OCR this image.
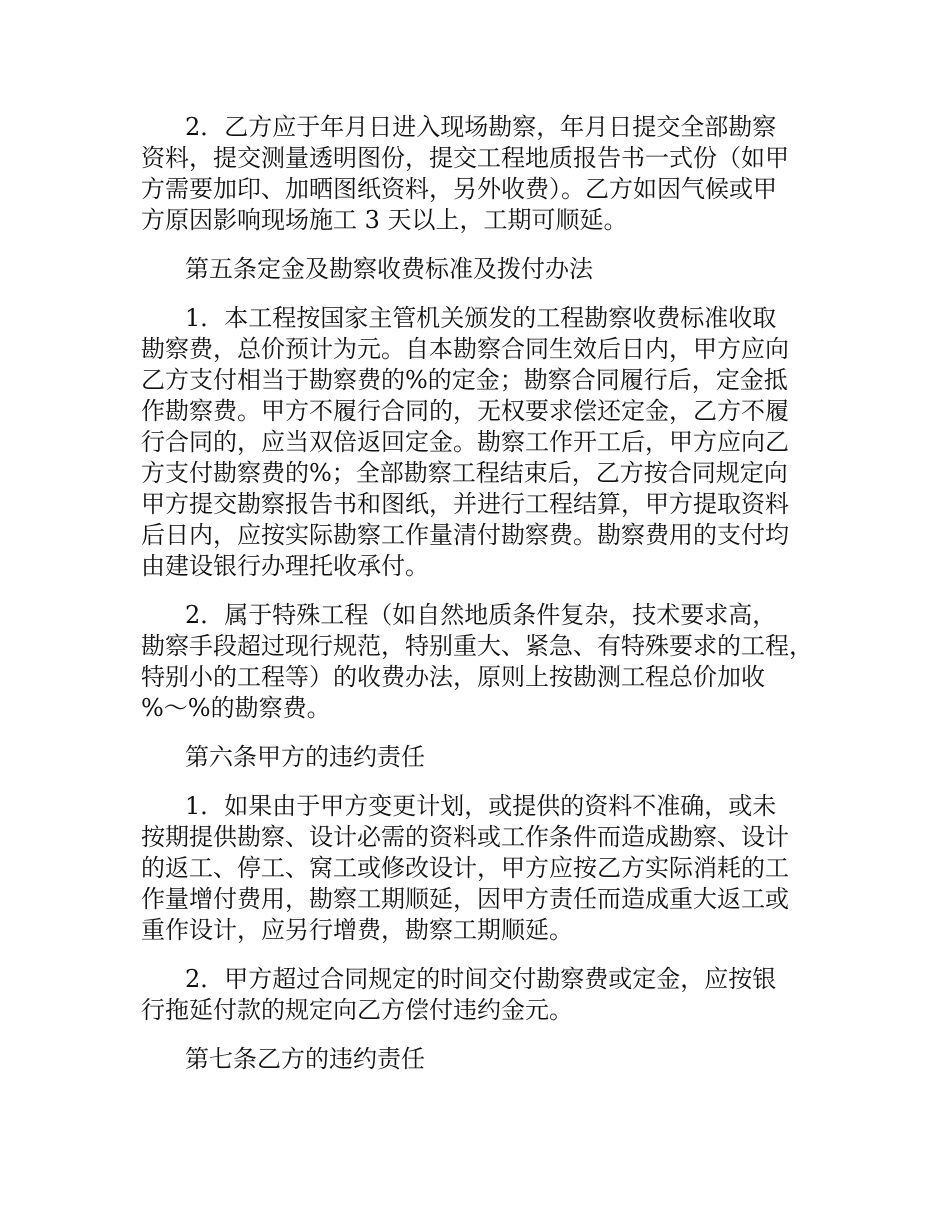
2．乙方应于年月日进入现场勘察，年月日提交全部勘察
资料，提交测量透明图份，提交工程地质报告书一式份（如甲
方需要加印、加晒图纸资料，另外收费）。乙方如因气候或甲
方原因影响现场施工 3 天以上，工期可顺延。
第五条定金及勘察收费标准及拨付办法
1．本工程按国家主管机关颁发的工程勘察收费标准收取
勘察费，总价预计为元。自本勘察合同生效后日内，甲方应向
乙方支付相当于勘察费的%的定金；勘察合同履行后，定金抵
作勘察费。甲方不履行合同的，无权要求偿还定金，乙方不履
行合同的，应当双倍返回定金。勘察工作开工后，甲方应向乙
方支付勘察费的%；全部勘察工程结束后，乙方按合同规定向
甲方提交勘察报告书和图纸，并进行工程结算，甲方提取资料
后日内，应按实际勘察工作量清付勘察费。勘察费用的支付均
由建设银行办理托收承付。
2．属于特殊工程（如自然地质条件复杂，技术要求高，
勘察手段超过现行规范，特别重大、紧急、有特殊要求的工程，
特别小的工程等）的收费办法，原则上按勘测工程总价加收
%～%的勘察费。
第六条甲方的违约责任
1．如果由于甲方变更计划，或提供的资料不准确，或未
按期提供勘察、设计必需的资料或工作条件而造成勘察、设计
的返工、停工、窝工或修改设计，甲方应按乙方实际消耗的工
作量增付费用，勘察工期顺延，因甲方责任而造成重大返工或
重作设计，应另行增费，勘察工期顺延。
2．甲方超过合同规定的时间交付勘察费或定金，应按银
行拖延付款的规定向乙方偿付违约金元。
第七条乙方的违约责任
